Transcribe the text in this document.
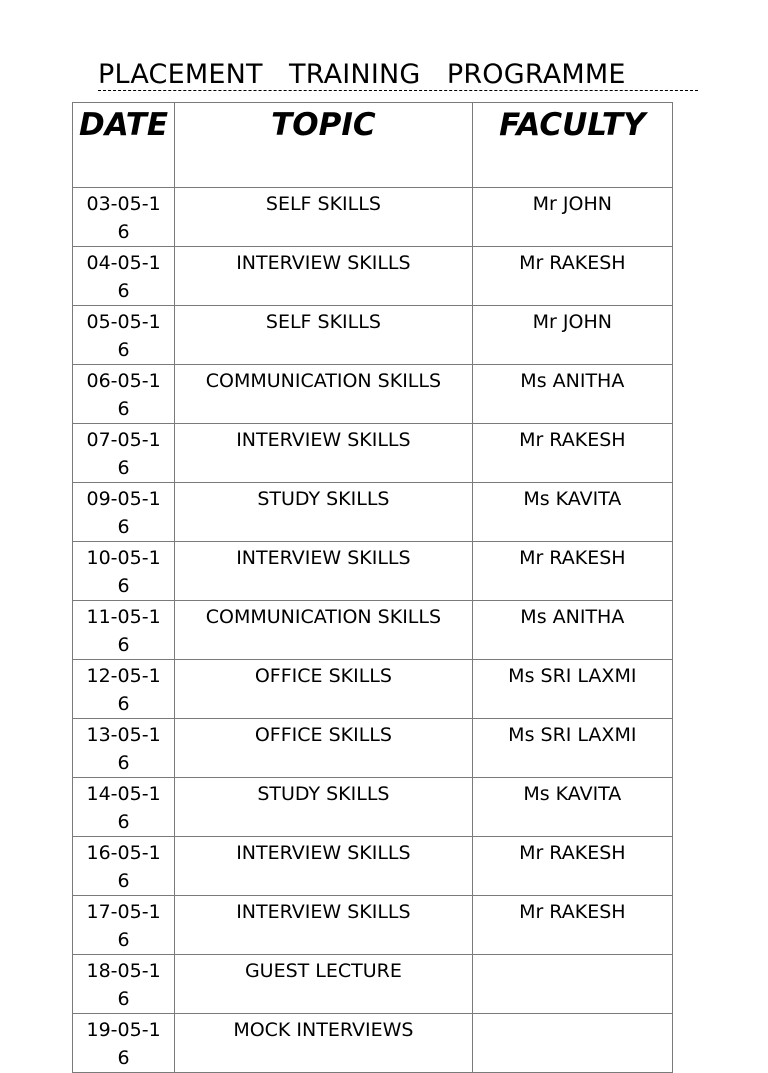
PLACEMENT   TRAINING   PROGRAMME
DATE	TOPIC	FACULTY

03-05-16	SELF SKILLS	Mr JOHN

04-05-16	INTERVIEW SKILLS	Mr RAKESH

05-05-16	SELF SKILLS	Mr JOHN

06-05-16	COMMUNICATION SKILLS	Ms ANITHA

07-05-16	INTERVIEW SKILLS	Mr RAKESH

09-05-16	STUDY SKILLS	Ms KAVITA

10-05-16	INTERVIEW SKILLS	Mr RAKESH

11-05-16	COMMUNICATION SKILLS	Ms ANITHA

12-05-16	OFFICE SKILLS	Ms SRI LAXMI

13-05-16	OFFICE SKILLS	Ms SRI LAXMI

14-05-16	STUDY SKILLS	Ms KAVITA

16-05-16	INTERVIEW SKILLS	Mr RAKESH

17-05-16	INTERVIEW SKILLS	Mr RAKESH

18-05-16	GUEST LECTURE	

19-05-16	MOCK INTERVIEWS	
